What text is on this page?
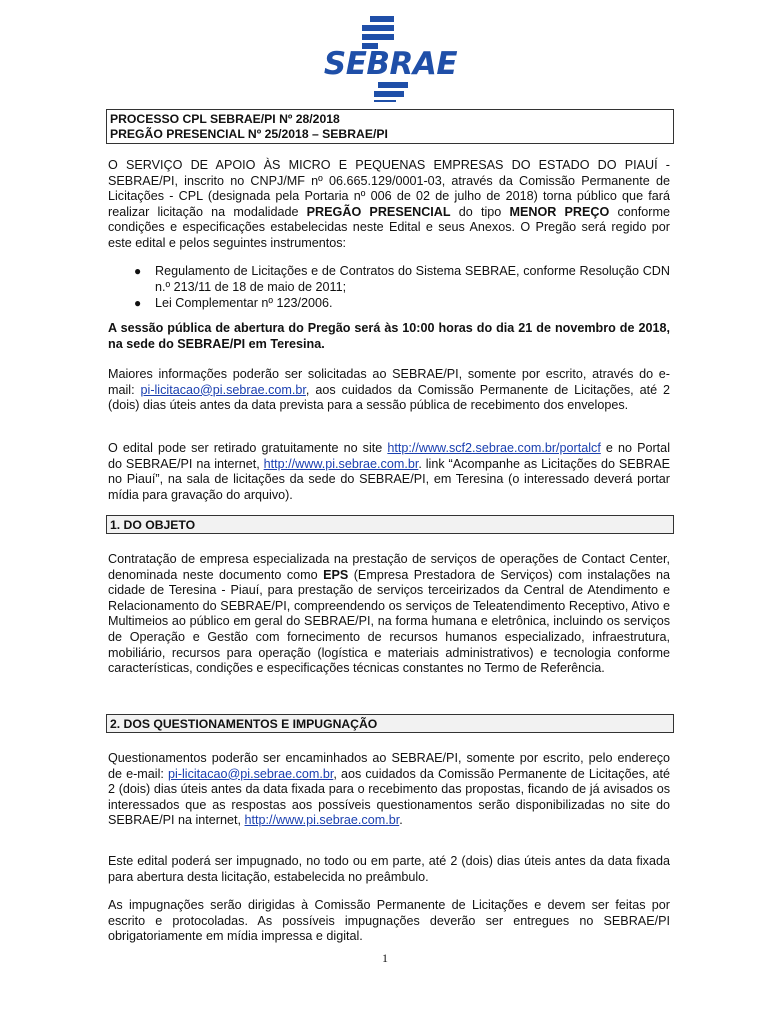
SEBRAE
PROCESSO CPL SEBRAE/PI Nº 28/2018
PREGÃO PRESENCIAL Nº 25/2018 – SEBRAE/PI
O SERVIÇO DE APOIO ÀS MICRO E PEQUENAS EMPRESAS DO ESTADO DO PIAUÍ - SEBRAE/PI, inscrito no CNPJ/MF nº 06.665.129/0001-03, através da Comissão Permanente de Licitações - CPL (designada pela Portaria nº 006 de 02 de julho de 2018) torna público que fará realizar licitação na modalidade PREGÃO PRESENCIAL do tipo MENOR PREÇO conforme condições e especificações estabelecidas neste Edital e seus Anexos. O Pregão será regido por este edital e pelos seguintes instrumentos:
● Regulamento de Licitações e de Contratos do Sistema SEBRAE, conforme Resolução CDN n.º 213/11 de 18 de maio de 2011;
● Lei Complementar nº 123/2006.
A sessão pública de abertura do Pregão será às 10:00 horas do dia 21 de novembro de 2018, na sede do SEBRAE/PI em Teresina.
Maiores informações poderão ser solicitadas ao SEBRAE/PI, somente por escrito, através do e-mail: pi-licitacao@pi.sebrae.com.br, aos cuidados da Comissão Permanente de Licitações, até 2 (dois) dias úteis antes da data prevista para a sessão pública de recebimento dos envelopes.
O edital pode ser retirado gratuitamente no site http://www.scf2.sebrae.com.br/portalcf e no Portal do SEBRAE/PI na internet, http://www.pi.sebrae.com.br. link “Acompanhe as Licitações do SEBRAE no Piauí”, na sala de licitações da sede do SEBRAE/PI, em Teresina (o interessado deverá portar mídia para gravação do arquivo).
1. DO OBJETO
Contratação de empresa especializada na prestação de serviços de operações de Contact Center, denominada neste documento como EPS (Empresa Prestadora de Serviços) com instalações na cidade de Teresina - Piauí, para prestação de serviços terceirizados da Central de Atendimento e Relacionamento do SEBRAE/PI, compreendendo os serviços de Teleatendimento Receptivo, Ativo e Multimeios ao público em geral do SEBRAE/PI, na forma humana e eletrônica, incluindo os serviços de Operação e Gestão com fornecimento de recursos humanos especializado, infraestrutura, mobiliário, recursos para operação (logística e materiais administrativos) e tecnologia conforme características, condições e especificações técnicas constantes no Termo de Referência.
2. DOS QUESTIONAMENTOS E IMPUGNAÇÃO
Questionamentos poderão ser encaminhados ao SEBRAE/PI, somente por escrito, pelo endereço de e-mail: pi-licitacao@pi.sebrae.com.br, aos cuidados da Comissão Permanente de Licitações, até 2 (dois) dias úteis antes da data fixada para o recebimento das propostas, ficando de já avisados os interessados que as respostas aos possíveis questionamentos serão disponibilizadas no site do SEBRAE/PI na internet, http://www.pi.sebrae.com.br.
Este edital poderá ser impugnado, no todo ou em parte, até 2 (dois) dias úteis antes da data fixada para abertura desta licitação, estabelecida no preâmbulo.
As impugnações serão dirigidas à Comissão Permanente de Licitações e devem ser feitas por escrito e protocoladas. As possíveis impugnações deverão ser entregues no SEBRAE/PI obrigatoriamente em mídia impressa e digital.
1
